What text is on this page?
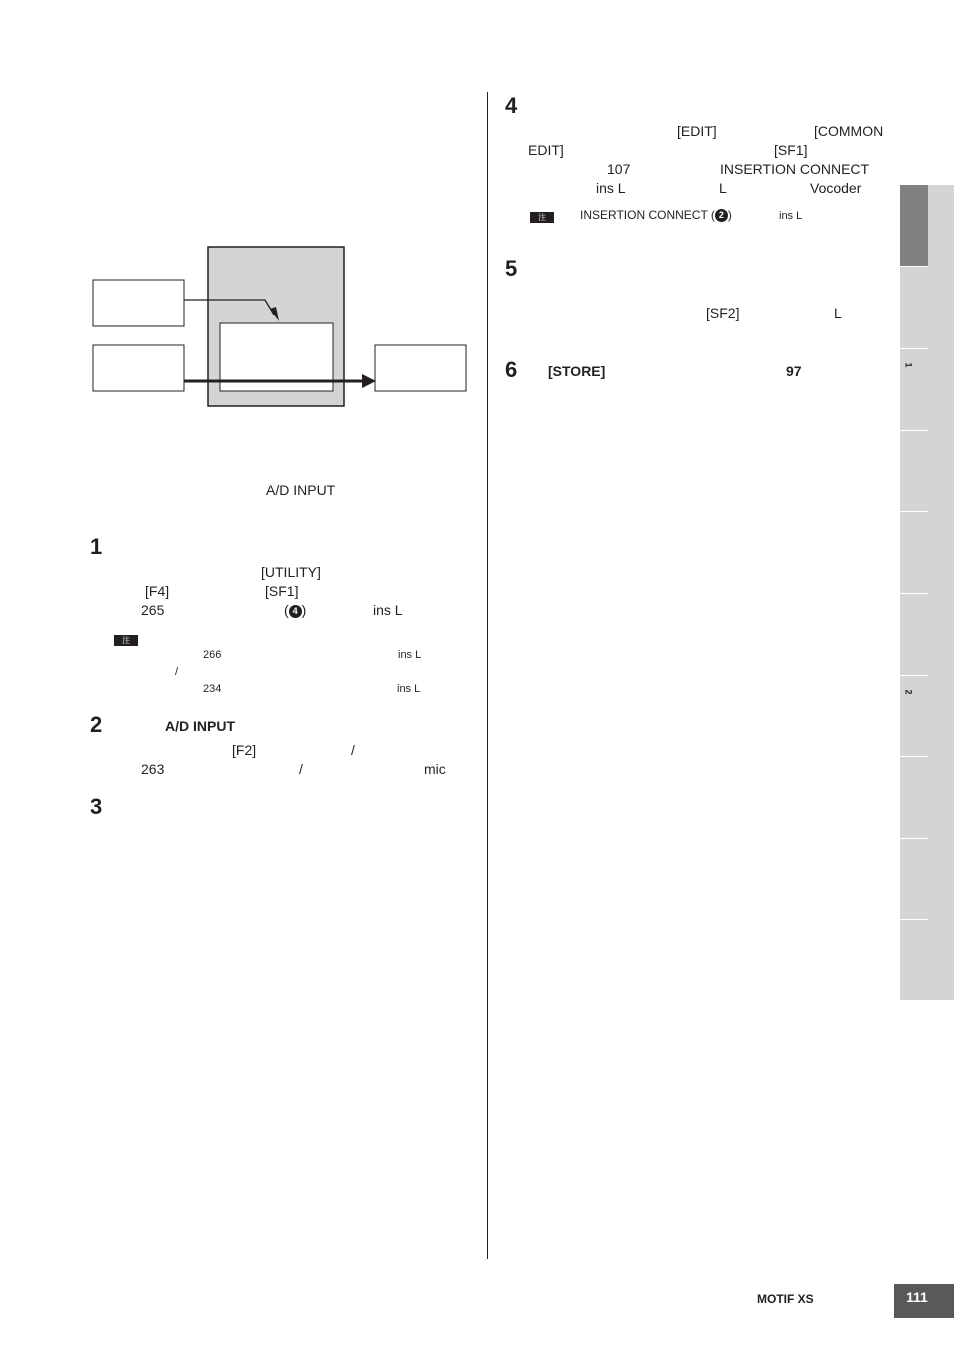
A/D INPUT
1
[UTILITY]
[F4]	[SF1]
265	( 4 )	ins L
注
266	ins L
/
234	ins L
2	A/D INPUT
[F2]	/
263	/	mic
3
4
[EDIT]	[COMMON
EDIT]	[SF1]
107	INSERTION CONNECT
ins L	L	Vocoder
注	INSERTION CONNECT ( 2 )	ins L
5
[SF2]	L
6 [STORE]	97	1
2
MOTIF XS	111
